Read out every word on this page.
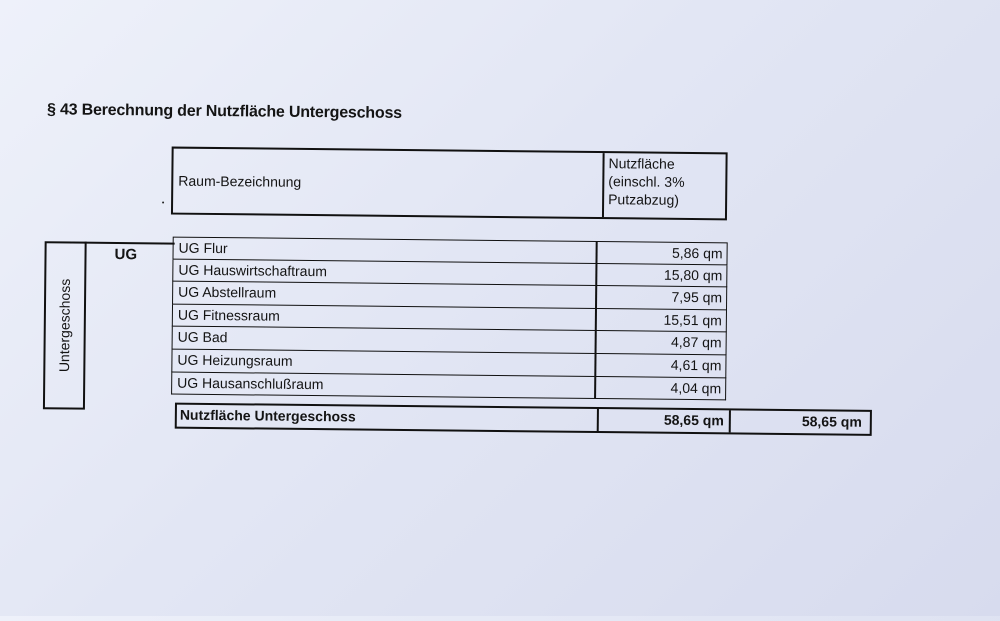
§ 43 Berechnung der Nutzfläche Untergeschoss
Raum-Bezeichnung
Nutzfläche
(einschl. 3%
Putzabzug)
Untergeschoss
UG	UG Flur	5,86 qm
UG Hauswirtschaftraum	15,80 qm
UG Abstellraum	7,95 qm
UG Fitnessraum	15,51 qm
UG Bad	4,87 qm
UG Heizungsraum	4,61 qm
UG Hausanschlußraum	4,04 qm
Nutzfläche Untergeschoss	58,65 qm	58,65 qm
